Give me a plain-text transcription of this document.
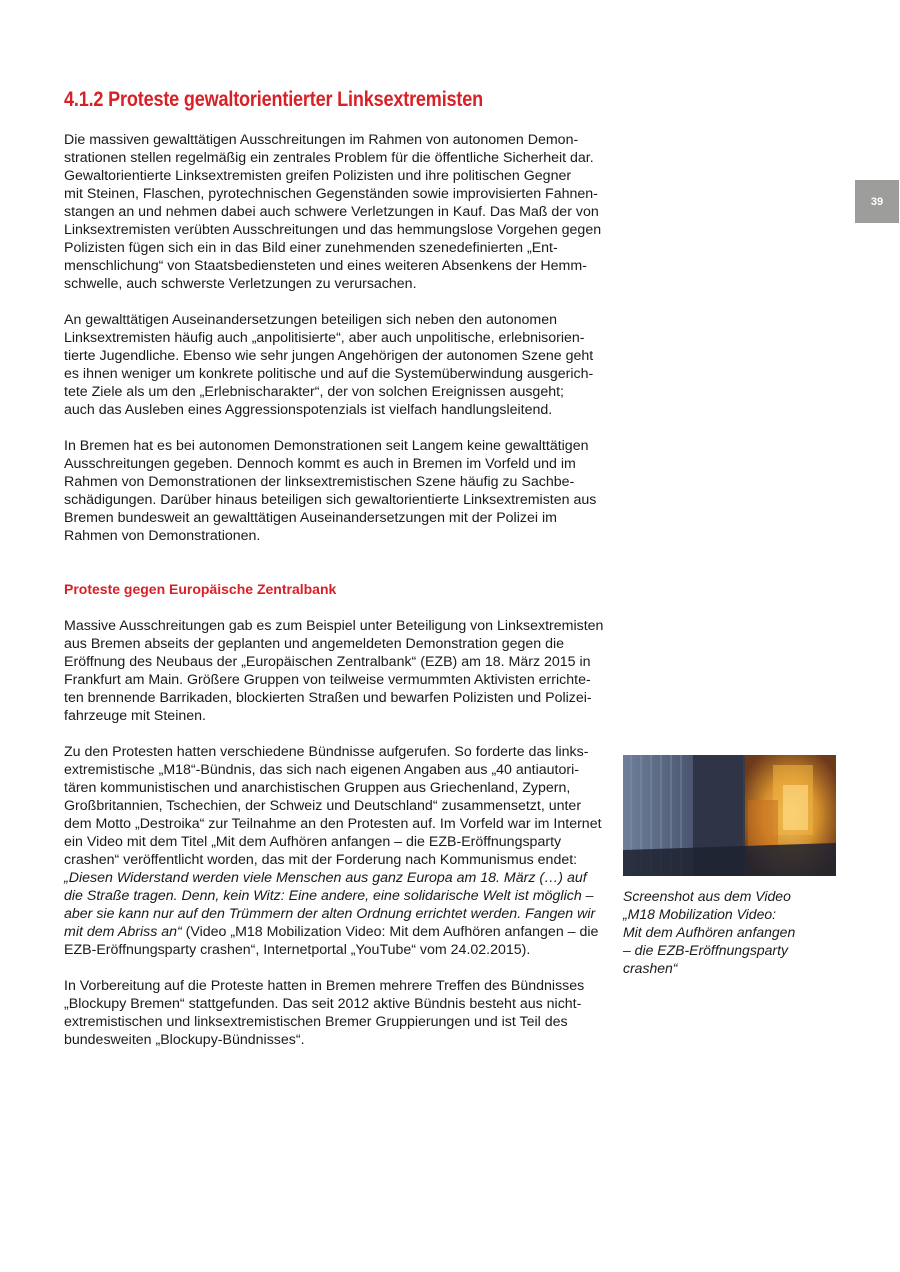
4.1.2 Proteste gewaltorientierter Linksextremisten
39

Die massiven gewalttätigen Ausschreitungen im Rahmen von autonomen Demon-
strationen stellen regelmäßig ein zentrales Problem für die öffentliche Sicherheit dar.
Gewaltorientierte Linksextremisten greifen Polizisten und ihre politischen Gegner
mit Steinen, Flaschen, pyrotechnischen Gegenständen sowie improvisierten Fahnen-
stangen an und nehmen dabei auch schwere Verletzungen in Kauf. Das Maß der von
Linksextremisten verübten Ausschreitungen und das hemmungslose Vorgehen gegen
Polizisten fügen sich ein in das Bild einer zunehmenden szenedefinierten „Ent-
menschlichung“ von Staatsbediensteten und eines weiteren Absenkens der Hemm-
schwelle, auch schwerste Verletzungen zu verursachen.

An gewalttätigen Auseinandersetzungen beteiligen sich neben den autonomen
Linksextremisten häufig auch „anpolitisierte“, aber auch unpolitische, erlebnisorien-
tierte Jugendliche. Ebenso wie sehr jungen Angehörigen der autonomen Szene geht
es ihnen weniger um konkrete politische und auf die Systemüberwindung ausgerich-
tete Ziele als um den „Erlebnischarakter“, der von solchen Ereignissen ausgeht;
auch das Ausleben eines Aggressionspotenzials ist vielfach handlungsleitend.

In Bremen hat es bei autonomen Demonstrationen seit Langem keine gewalttätigen
Ausschreitungen gegeben. Dennoch kommt es auch in Bremen im Vorfeld und im
Rahmen von Demonstrationen der linksextremistischen Szene häufig zu Sachbe-
schädigungen. Darüber hinaus beteiligen sich gewaltorientierte Linksextremisten aus
Bremen bundesweit an gewalttätigen Auseinandersetzungen mit der Polizei im
Rahmen von Demonstrationen.

Proteste gegen Europäische Zentralbank

Massive Ausschreitungen gab es zum Beispiel unter Beteiligung von Linksextremisten
aus Bremen abseits der geplanten und angemeldeten Demonstration gegen die
Eröffnung des Neubaus der „Europäischen Zentralbank“ (EZB) am 18. März 2015 in
Frankfurt am Main. Größere Gruppen von teilweise vermummten Aktivisten errichte-
ten brennende Barrikaden, blockierten Straßen und bewarfen Polizisten und Polizei-
fahrzeuge mit Steinen.

Zu den Protesten hatten verschiedene Bündnisse aufgerufen. So forderte das links-
extremistische „M18“-Bündnis, das sich nach eigenen Angaben aus „40 antiautori-
tären kommunistischen und anarchistischen Gruppen aus Griechenland, Zypern,
Großbritannien, Tschechien, der Schweiz und Deutschland“ zusammensetzt, unter
dem Motto „Destroika“ zur Teilnahme an den Protesten auf. Im Vorfeld war im Internet
ein Video mit dem Titel „Mit dem Aufhören anfangen – die EZB-Eröffnungsparty
crashen“ veröffentlicht worden, das mit der Forderung nach Kommunismus endet:
„Diesen Widerstand werden viele Menschen aus ganz Europa am 18. März (…) auf
die Straße tragen. Denn, kein Witz: Eine andere, eine solidarische Welt ist möglich –
aber sie kann nur auf den Trümmern der alten Ordnung errichtet werden. Fangen wir
mit dem Abriss an“ (Video „M18 Mobilization Video: Mit dem Aufhören anfangen – die
EZB-Eröffnungsparty crashen“, Internetportal „YouTube“ vom 24.02.2015).

In Vorbereitung auf die Proteste hatten in Bremen mehrere Treffen des Bündnisses
„Blockupy Bremen“ stattgefunden. Das seit 2012 aktive Bündnis besteht aus nicht-
extremistischen und linksextremistischen Bremer Gruppierungen und ist Teil des
bundesweiten „Blockupy-Bündnisses“.

Screenshot aus dem Video
„M18 Mobilization Video:
Mit dem Aufhören anfangen
– die EZB-Eröffnungsparty
crashen“
